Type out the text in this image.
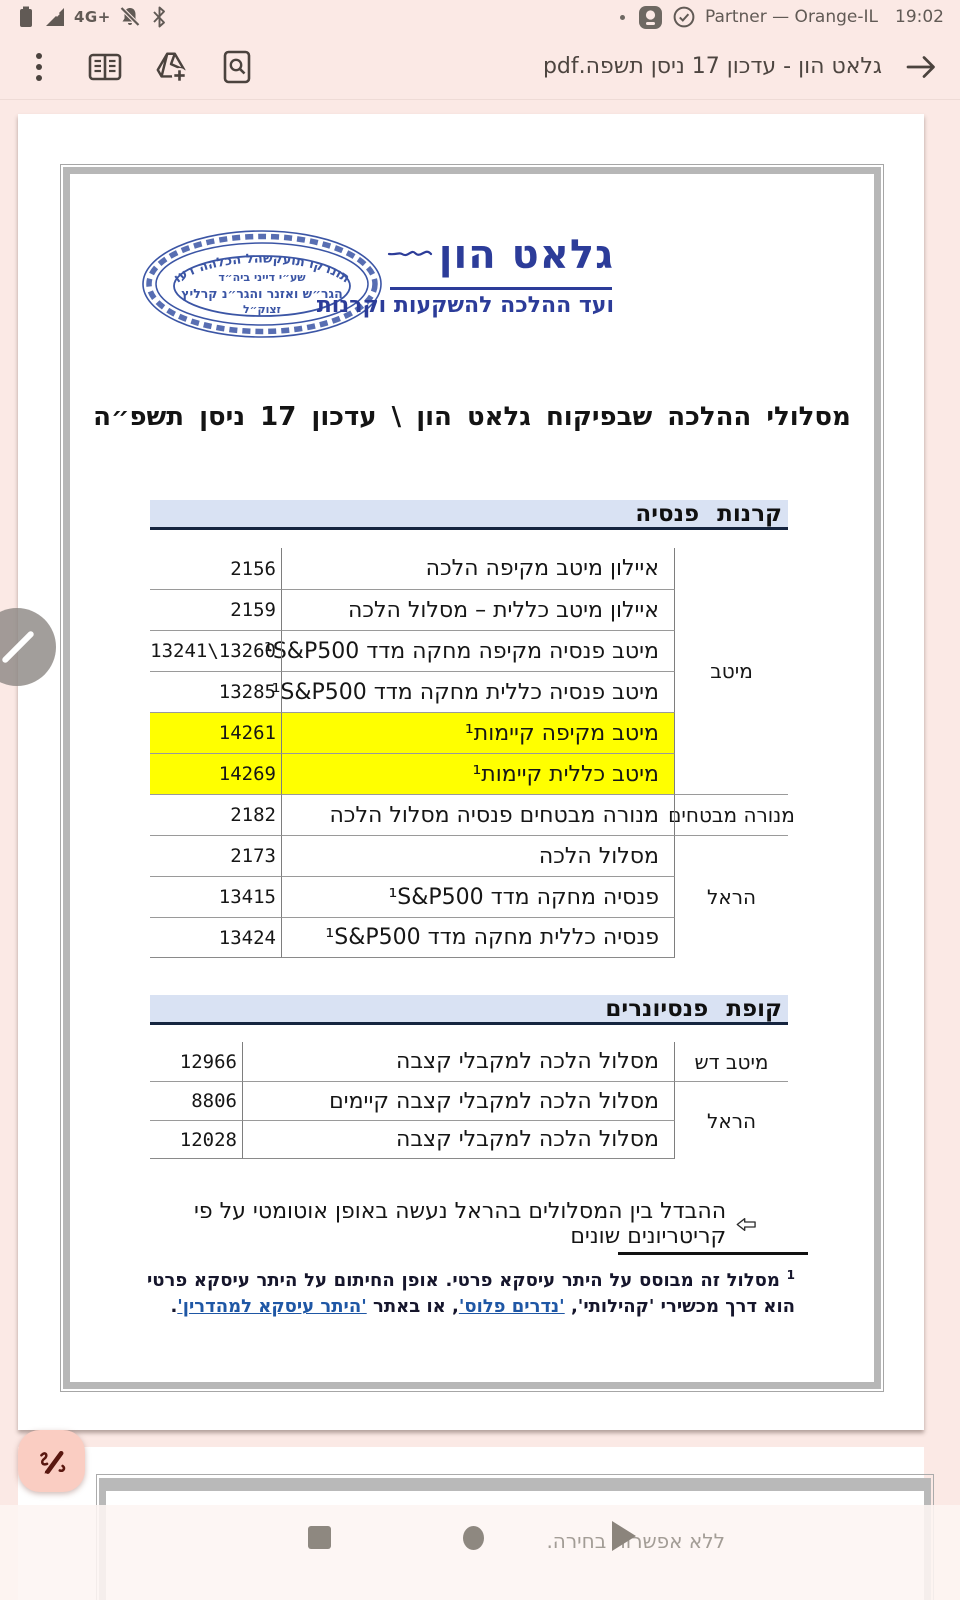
4G+	Partner — Orange-IL 19:02
גלאט הון - עדכון 17 ניסן תשפה.pdf
ועד ההלכה להשקעות וקרנות
שע״י דייני ביה״ד
הגר״ש ואזנר והגר״נ קרליץ
זצוק״ל
גלאט הון
ועד ההלכה להשקעות וקרנות
מסלולי ההלכה שבפיקוח גלאט הון \ עדכון 17 ניסן תשפ״ה
קרנות פנסיה
מיטב
מנורה מבטחים
הראל
איילון מיטב מקיפה הלכה
2156
איילון מיטב כללית – מסלול הלכה
2159
מיטב פנסיה מקיפה מחקה מדד ¹S&P500
13241\13260
מיטב פנסיה כללית מחקה מדד ¹S&P500
13285
מיטב מקיפה קיימות¹
14261
מיטב כללית קיימות¹
14269
מנורה מבטחים פנסיה מסלול הלכה
2182
מסלול הלכה
2173
פנסיה מחקה מדד ¹S&P500
13415
פנסיה כללית מחקה מדד ¹S&P500
13424
קופת פנסיונרים
מיטב דש
הראל
מסלול הלכה למקבלי קצבה
12966
מסלול הלכה למקבלי קצבה קיימים
8806
מסלול הלכה למקבלי קצבה
12028
ההבדל בין המסלולים בהראל נעשה באופן אוטומטי על פי קריטריונים שונים
$^1$ מסלול זה מבוסס על היתר עיסקא פרטי. אופן החיתום על היתר עיסקא פרטי הוא דרך מכשירי 'קהילותי', 'נדרים פלוס', או באתר 'היתר עיסקא למהדרין'.
ללא אפשרות בחירה.
